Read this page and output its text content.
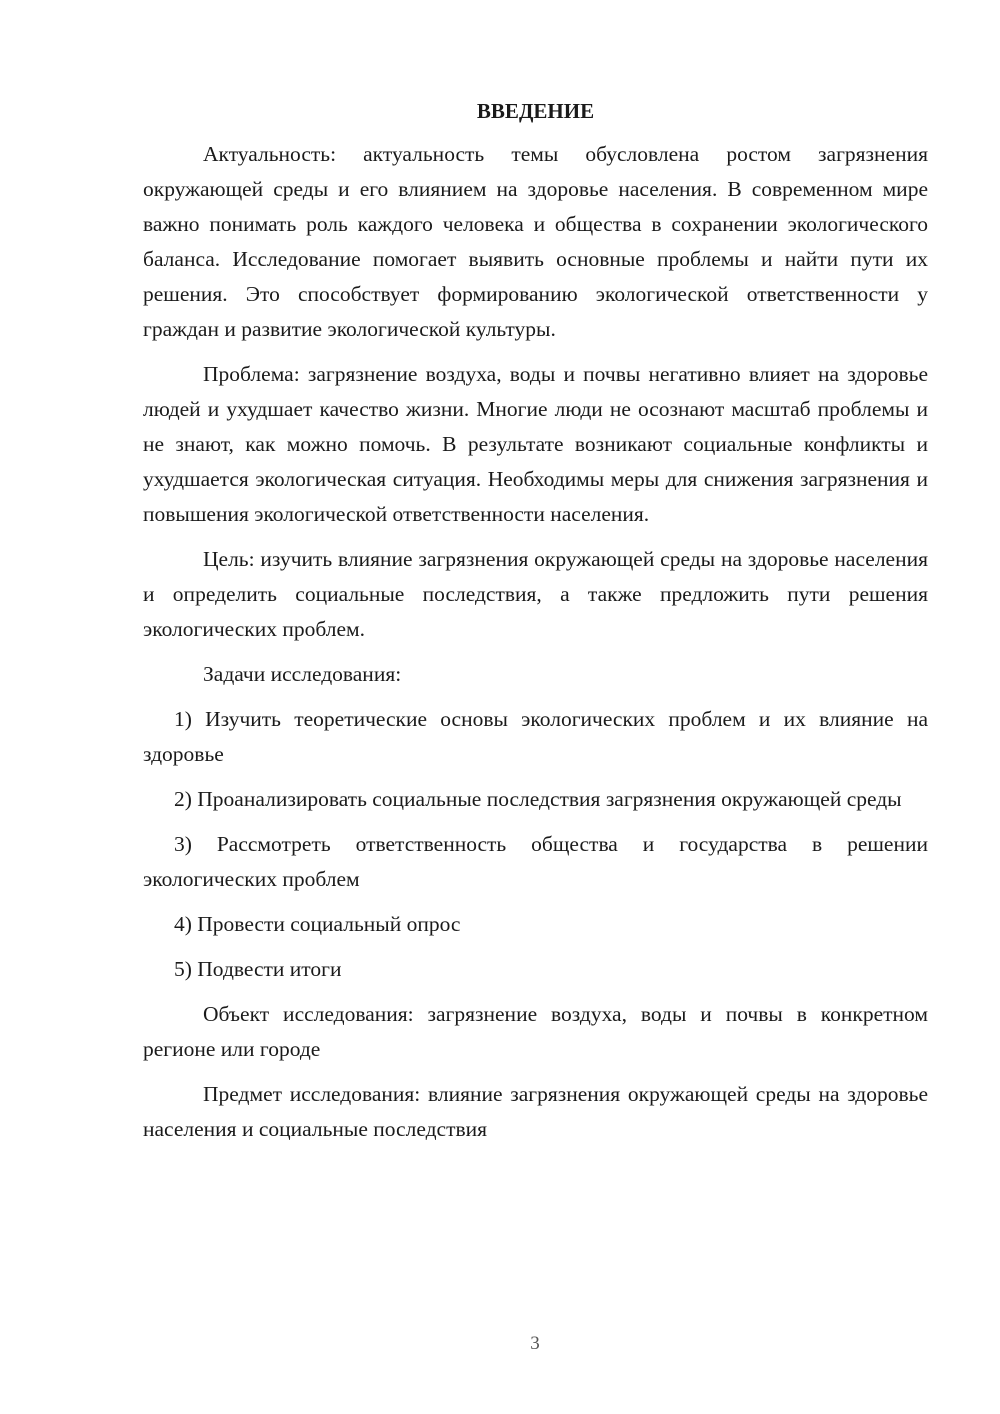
ВВЕДЕНИЕ

Актуальность: актуальность темы обусловлена ростом загрязнения окружающей среды и его влиянием на здоровье населения. В современном мире важно понимать роль каждого человека и общества в сохранении экологического баланса. Исследование помогает выявить основные проблемы и найти пути их решения. Это способствует формированию экологической ответственности у граждан и развитие экологической культуры.

Проблема: загрязнение воздуха, воды и почвы негативно влияет на здоровье людей и ухудшает качество жизни. Многие люди не осознают масштаб проблемы и не знают, как можно помочь. В результате возникают социальные конфликты и ухудшается экологическая ситуация. Необходимы меры для снижения загрязнения и повышения экологической ответственности населения.

Цель: изучить влияние загрязнения окружающей среды на здоровье населения и определить социальные последствия, а также предложить пути решения экологических проблем.

Задачи исследования:

1) Изучить теоретические основы экологических проблем и их влияние на здоровье

2) Проанализировать социальные последствия загрязнения окружающей среды

3) Рассмотреть ответственность общества и государства в решении экологических проблем

4) Провести социальный опрос

5) Подвести итоги

Объект исследования: загрязнение воздуха, воды и почвы в конкретном регионе или городе

Предмет исследования: влияние загрязнения окружающей среды на здоровье населения и социальные последствия

3
